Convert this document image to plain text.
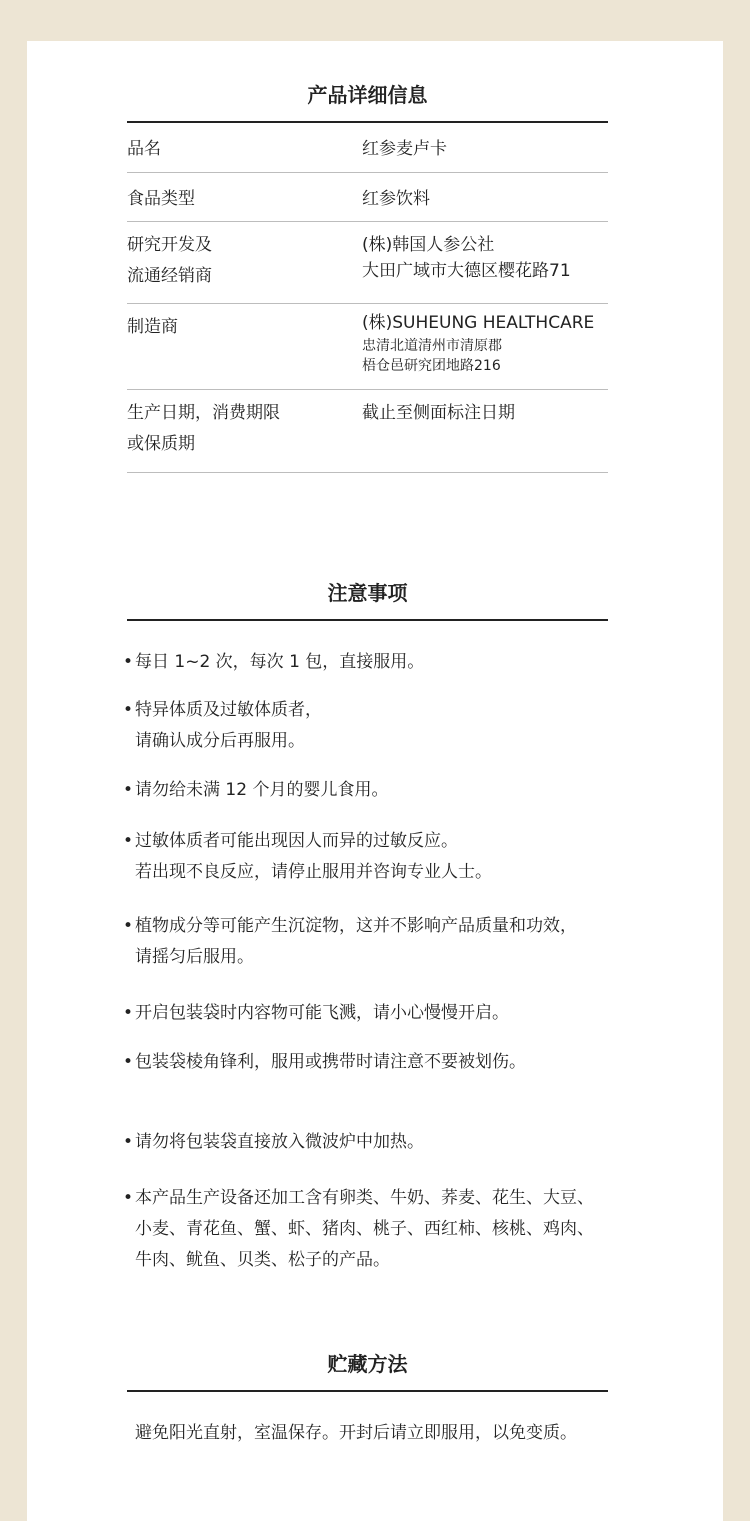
产品详细信息
品名	红参麦卢卡
食品类型	红参饮料

研究开发及
流通经销商	(株)韩国人参公社
大田广域市大德区樱花路71

制造商	(株)SUHEUNG HEALTHCARE
忠清北道清州市清原郡
梧仓邑研究团地路216

生产日期，消费期限
或保质期	截止至侧面标注日期
注意事项
• 每日 1~2 次，每次 1 包，直接服用。
• 特异体质及过敏体质者，
请确认成分后再服用。
• 请勿给未满 12 个月的婴儿食用。
• 过敏体质者可能出现因人而异的过敏反应。
若出现不良反应，请停止服用并咨询专业人士。
• 植物成分等可能产生沉淀物，这并不影响产品质量和功效，
请摇匀后服用。
• 开启包装袋时内容物可能飞溅，请小心慢慢开启。
• 包装袋棱角锋利，服用或携带时请注意不要被划伤。
• 请勿将包装袋直接放入微波炉中加热。
• 本产品生产设备还加工含有卵类、牛奶、荞麦、花生、大豆、
小麦、青花鱼、蟹、虾、猪肉、桃子、西红柿、核桃、鸡肉、
牛肉、鱿鱼、贝类、松子的产品。
贮藏方法
避免阳光直射，室温保存。开封后请立即服用，以免变质。
